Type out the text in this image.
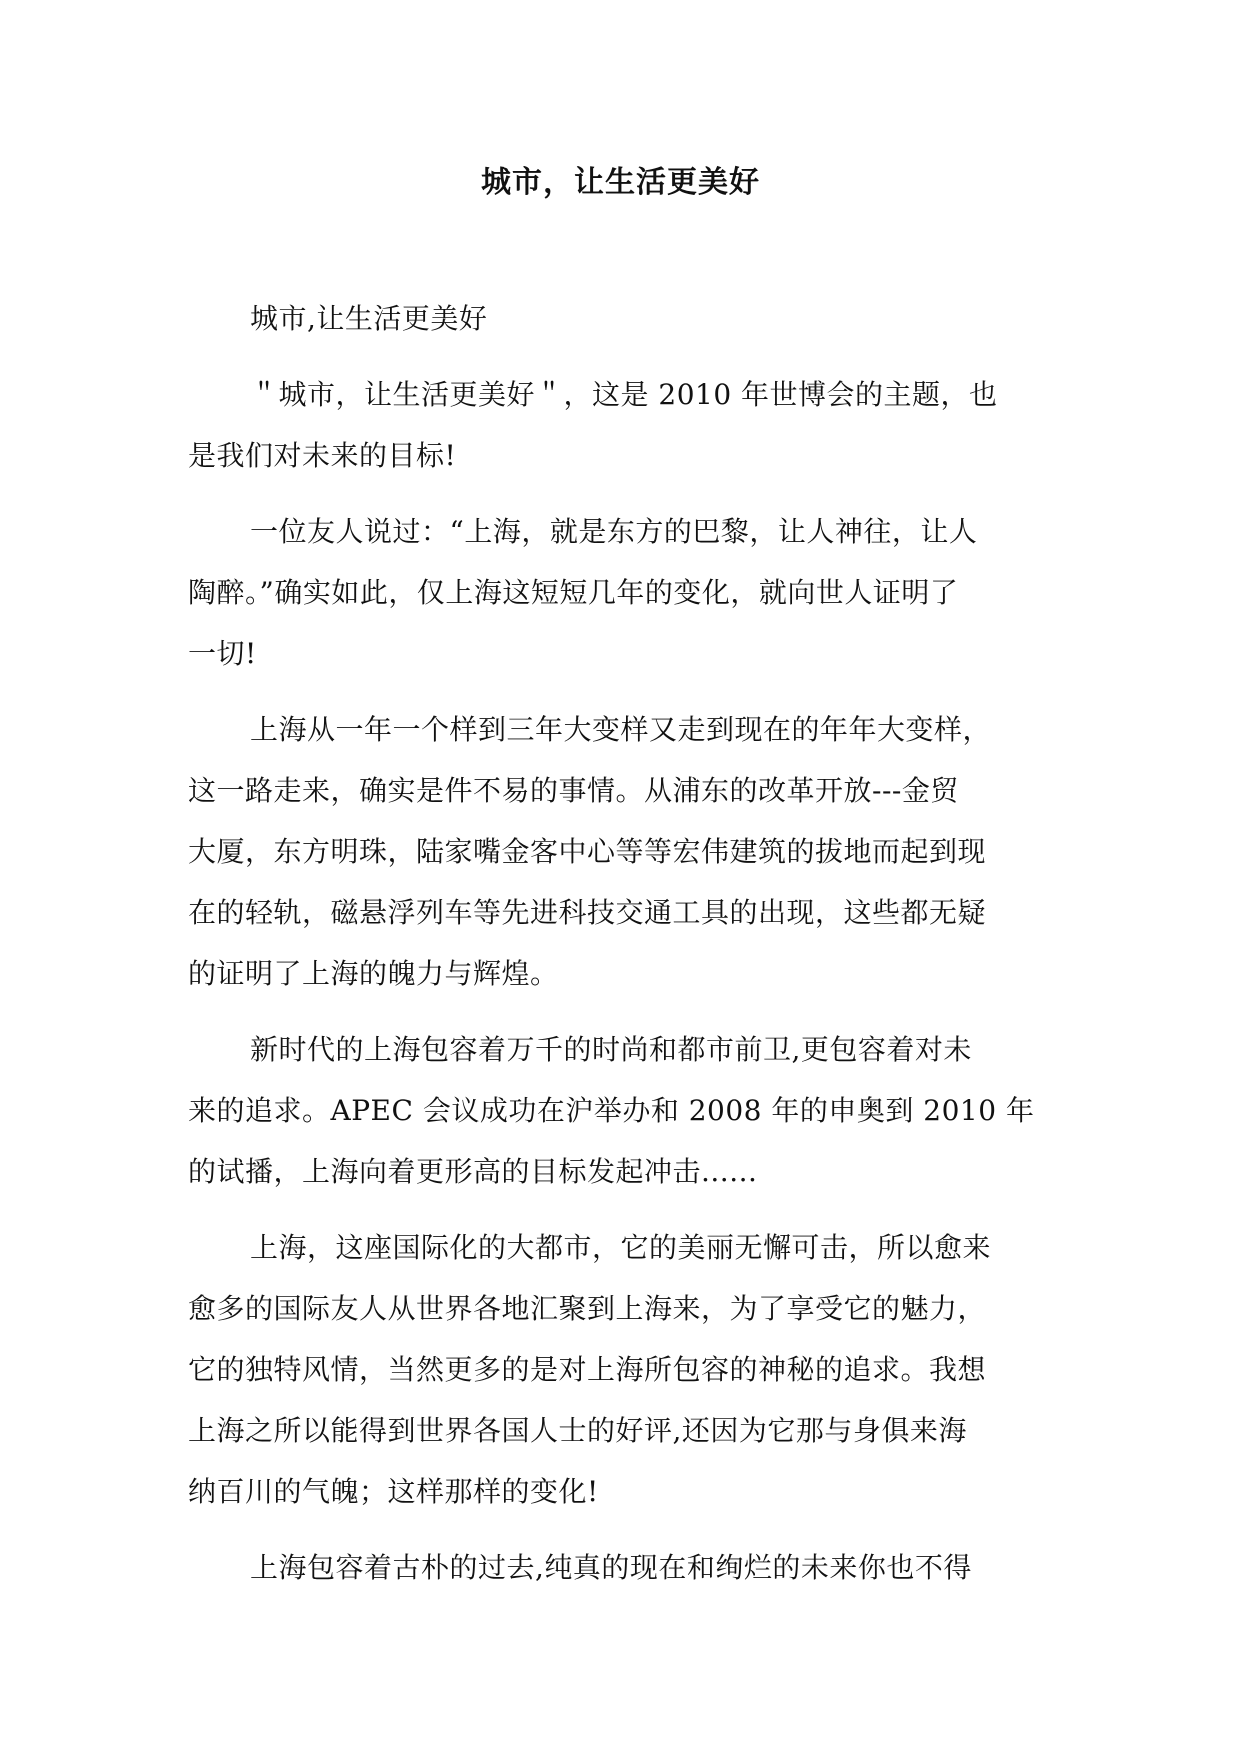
城市，让生活更美好

城市,让生活更美好

＂城市，让生活更美好＂，这是 2010 年世博会的主题，也
是我们对未来的目标!

一位友人说过：“上海，就是东方的巴黎，让人神往，让人
陶醉。”确实如此，仅上海这短短几年的变化，就向世人证明了
一切!

上海从一年一个样到三年大变样又走到现在的年年大变样，
这一路走来，确实是件不易的事情。从浦东的改革开放---金贸
大厦，东方明珠，陆家嘴金客中心等等宏伟建筑的拔地而起到现
在的轻轨，磁悬浮列车等先进科技交通工具的出现，这些都无疑
的证明了上海的魄力与辉煌。

新时代的上海包容着万千的时尚和都市前卫,更包容着对未
来的追求。APEC 会议成功在沪举办和 2008 年的申奥到 2010 年
的试播，上海向着更形高的目标发起冲击......

上海，这座国际化的大都市，它的美丽无懈可击，所以愈来
愈多的国际友人从世界各地汇聚到上海来，为了享受它的魅力，
它的独特风情，当然更多的是对上海所包容的神秘的追求。我想
上海之所以能得到世界各国人士的好评,还因为它那与身俱来海
纳百川的气魄；这样那样的变化!

上海包容着古朴的过去,纯真的现在和绚烂的未来你也不得
